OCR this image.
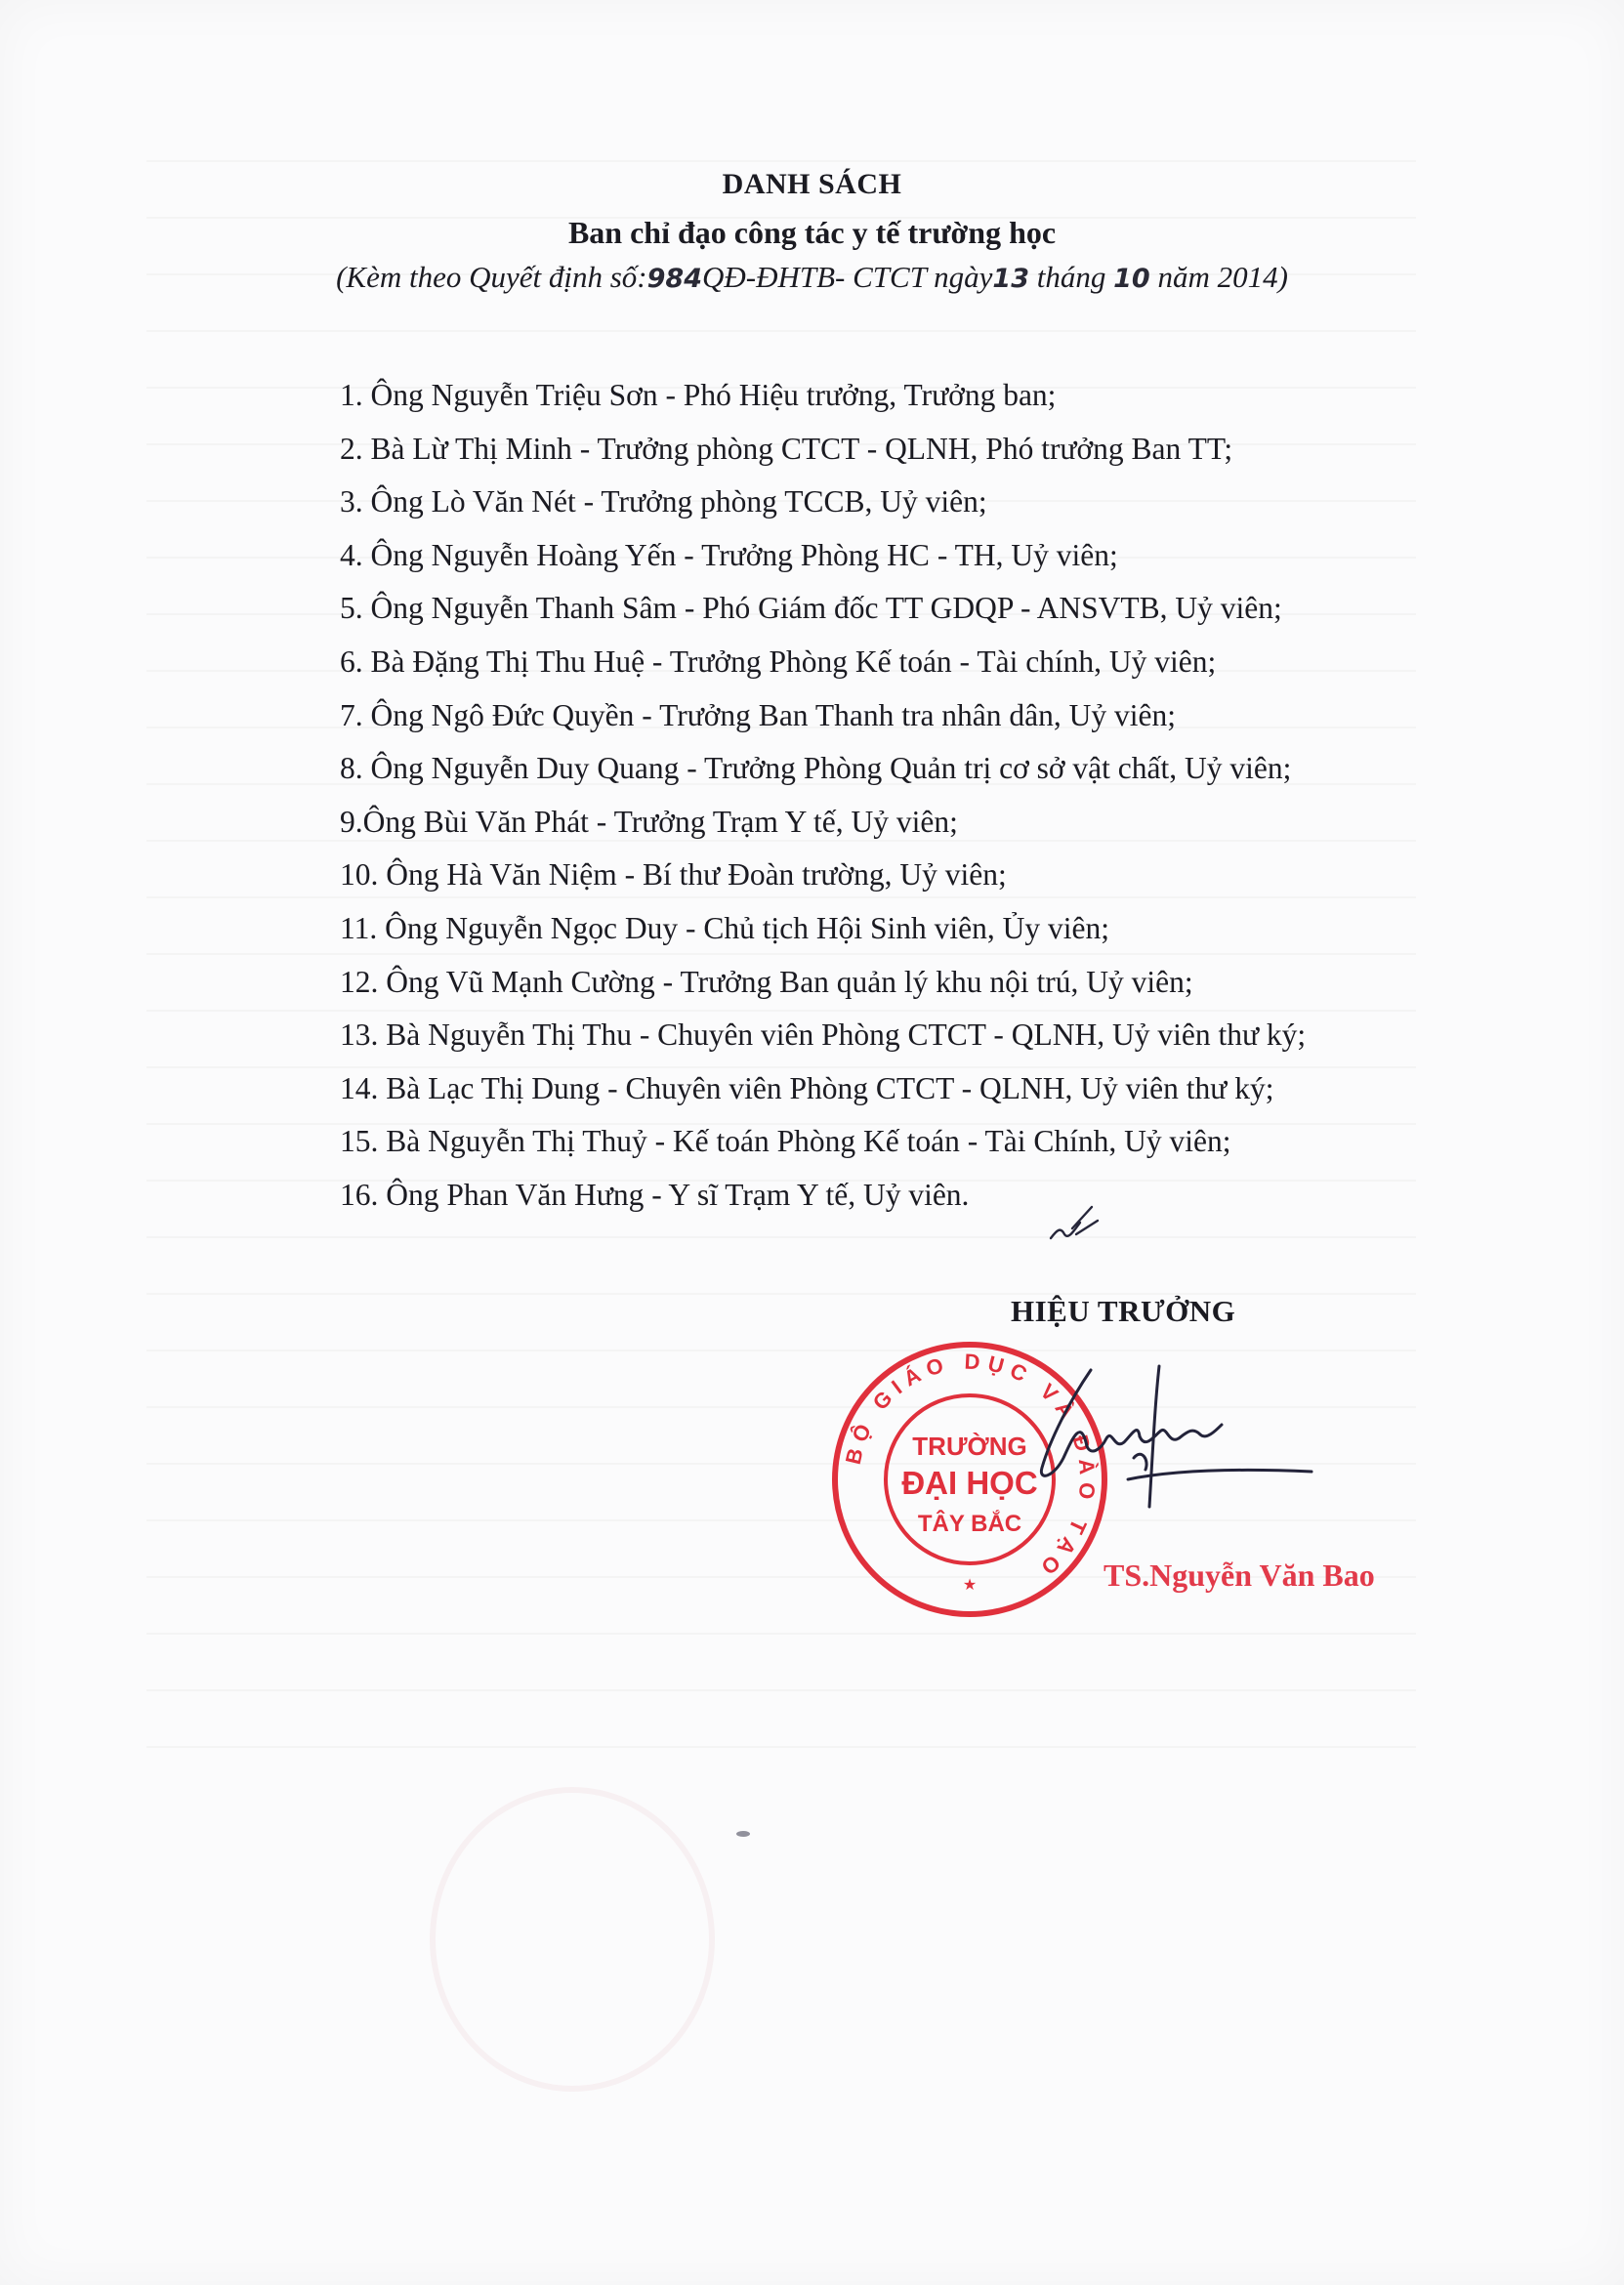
DANH SÁCH
Ban chỉ đạo công tác y tế trường học
(Kèm theo Quyết định số:984QĐ-ĐHTB- CTCT ngày13 tháng 10 năm 2014)
1. Ông Nguyễn Triệu Sơn - Phó Hiệu trưởng, Trưởng ban;
2. Bà Lừ Thị Minh - Trưởng phòng CTCT - QLNH, Phó trưởng Ban TT;
3. Ông Lò Văn Nét - Trưởng phòng TCCB, Uỷ viên;
4. Ông Nguyễn Hoàng Yến - Trưởng Phòng HC - TH, Uỷ viên;
5. Ông Nguyễn Thanh Sâm - Phó Giám đốc TT GDQP - ANSVTB, Uỷ viên;
6. Bà Đặng Thị Thu Huệ - Trưởng Phòng Kế toán - Tài chính, Uỷ viên;
7. Ông Ngô Đức Quyền - Trưởng Ban Thanh tra nhân dân, Uỷ viên;
8. Ông Nguyễn Duy Quang - Trưởng Phòng Quản trị cơ sở vật chất, Uỷ viên;
9.Ông Bùi Văn Phát - Trưởng Trạm Y tế, Uỷ viên;
10. Ông Hà Văn Niệm - Bí thư Đoàn trường, Uỷ viên;
11. Ông Nguyễn Ngọc Duy - Chủ tịch Hội Sinh viên, Ủy viên;
12. Ông Vũ Mạnh Cường - Trưởng Ban quản lý khu nội trú, Uỷ viên;
13. Bà Nguyễn Thị Thu - Chuyên viên Phòng CTCT - QLNH, Uỷ viên thư ký;
14. Bà Lạc Thị Dung - Chuyên viên Phòng CTCT - QLNH, Uỷ viên thư ký;
15. Bà Nguyễn Thị Thuỷ - Kế toán Phòng Kế toán - Tài Chính, Uỷ viên;
16. Ông Phan Văn Hưng - Y sĩ Trạm Y tế, Uỷ viên.
HIỆU TRƯỞNG
BỘ GIÁO DỤC VÀ ĐÀO TẠO
★
TRƯỜNG
ĐẠI HỌC
TÂY BẮC
TS.Nguyễn Văn Bao
